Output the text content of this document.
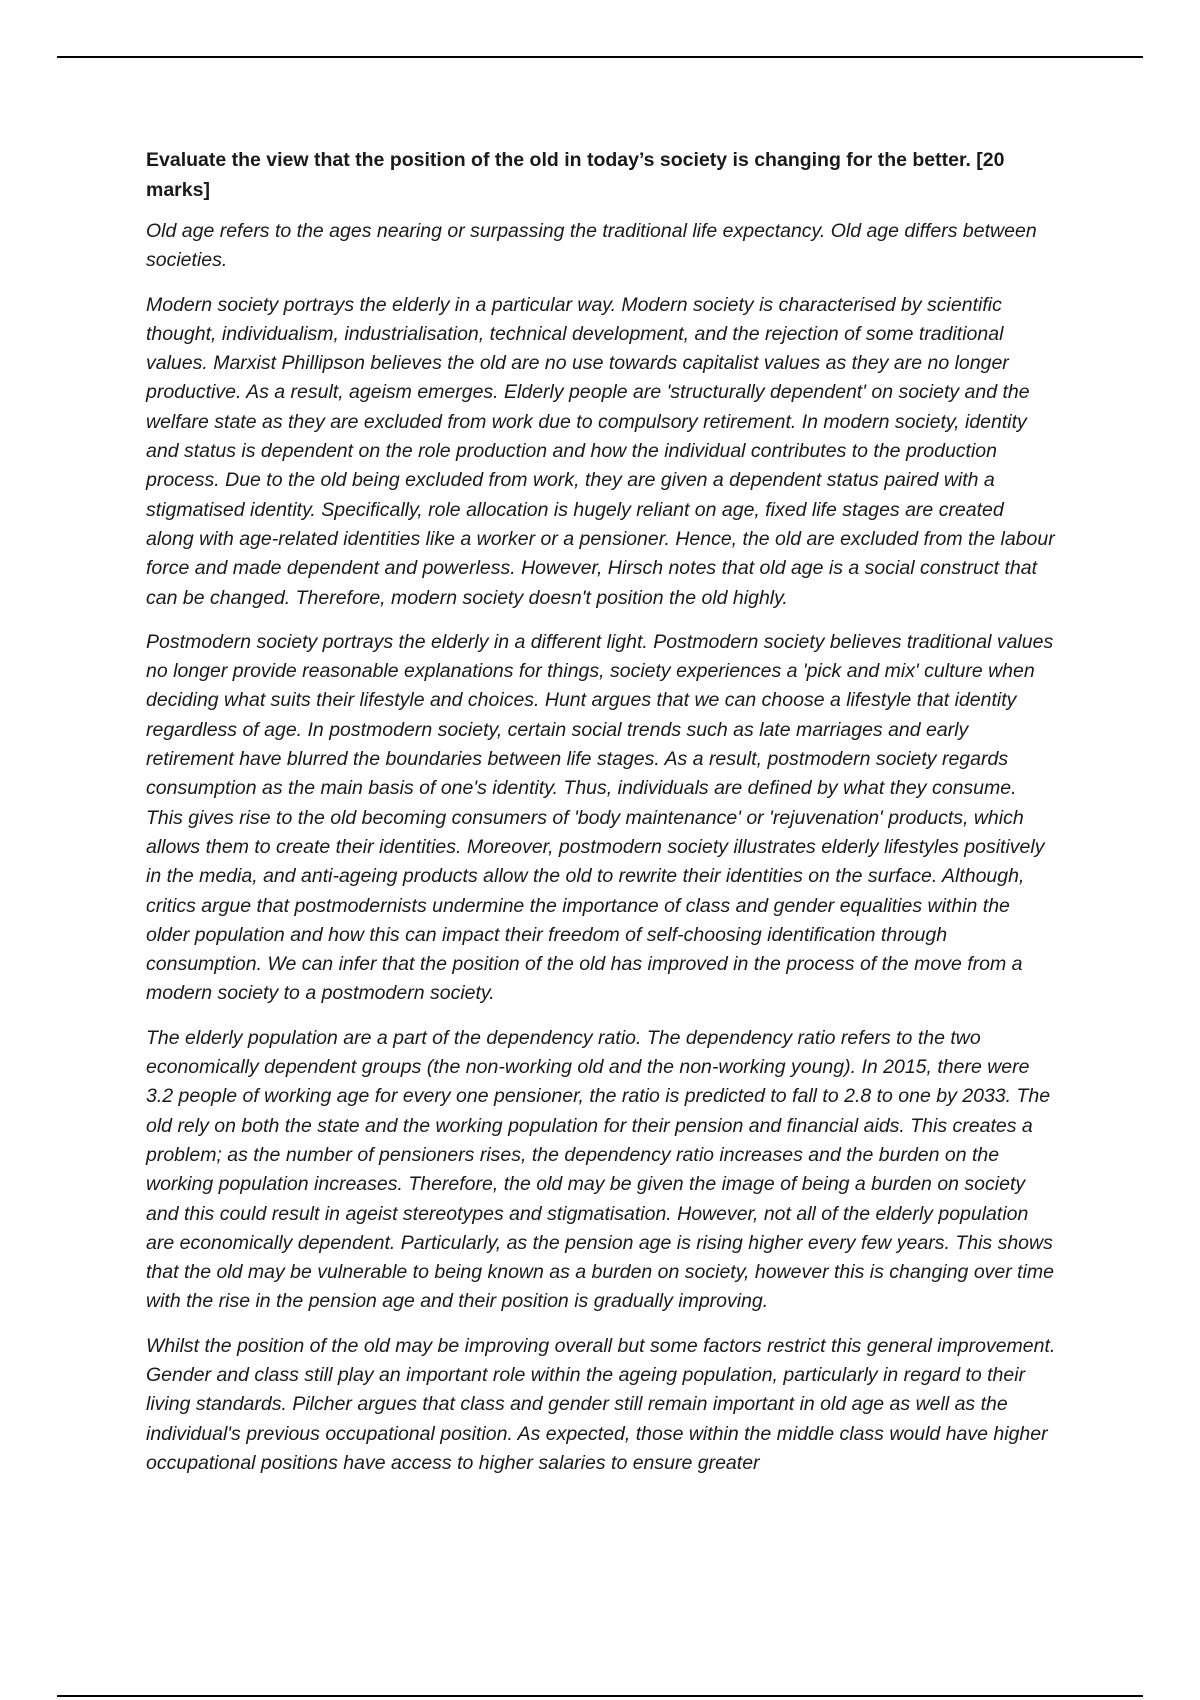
Evaluate the view that the position of the old in today’s society is changing for the better. [20 marks]

Old age refers to the ages nearing or surpassing the traditional life expectancy. Old age differs between societies.

Modern society portrays the elderly in a particular way. Modern society is characterised by scientific thought, individualism, industrialisation, technical development, and the rejection of some traditional values. Marxist Phillipson believes the old are no use towards capitalist values as they are no longer productive. As a result, ageism emerges. Elderly people are 'structurally dependent' on society and the welfare state as they are excluded from work due to compulsory retirement. In modern society, identity and status is dependent on the role production and how the individual contributes to the production process. Due to the old being excluded from work, they are given a dependent status paired with a stigmatised identity. Specifically, role allocation is hugely reliant on age, fixed life stages are created along with age-related identities like a worker or a pensioner. Hence, the old are excluded from the labour force and made dependent and powerless. However, Hirsch notes that old age is a social construct that can be changed. Therefore, modern society doesn't position the old highly.

Postmodern society portrays the elderly in a different light. Postmodern society believes traditional values no longer provide reasonable explanations for things, society experiences a 'pick and mix' culture when deciding what suits their lifestyle and choices. Hunt argues that we can choose a lifestyle that identity regardless of age. In postmodern society, certain social trends such as late marriages and early retirement have blurred the boundaries between life stages. As a result, postmodern society regards consumption as the main basis of one's identity. Thus, individuals are defined by what they consume. This gives rise to the old becoming consumers of 'body maintenance' or 'rejuvenation' products, which allows them to create their identities. Moreover, postmodern society illustrates elderly lifestyles positively in the media, and anti-ageing products allow the old to rewrite their identities on the surface. Although, critics argue that postmodernists undermine the importance of class and gender equalities within the older population and how this can impact their freedom of self-choosing identification through consumption. We can infer that the position of the old has improved in the process of the move from a modern society to a postmodern society.

The elderly population are a part of the dependency ratio. The dependency ratio refers to the two economically dependent groups (the non-working old and the non-working young). In 2015, there were 3.2 people of working age for every one pensioner, the ratio is predicted to fall to 2.8 to one by 2033. The old rely on both the state and the working population for their pension and financial aids. This creates a problem; as the number of pensioners rises, the dependency ratio increases and the burden on the working population increases. Therefore, the old may be given the image of being a burden on society and this could result in ageist stereotypes and stigmatisation. However, not all of the elderly population are economically dependent. Particularly, as the pension age is rising higher every few years. This shows that the old may be vulnerable to being known as a burden on society, however this is changing over time with the rise in the pension age and their position is gradually improving.

Whilst the position of the old may be improving overall but some factors restrict this general improvement. Gender and class still play an important role within the ageing population, particularly in regard to their living standards. Pilcher argues that class and gender still remain important in old age as well as the individual's previous occupational position. As expected, those within the middle class would have higher occupational positions have access to higher salaries to ensure greater
